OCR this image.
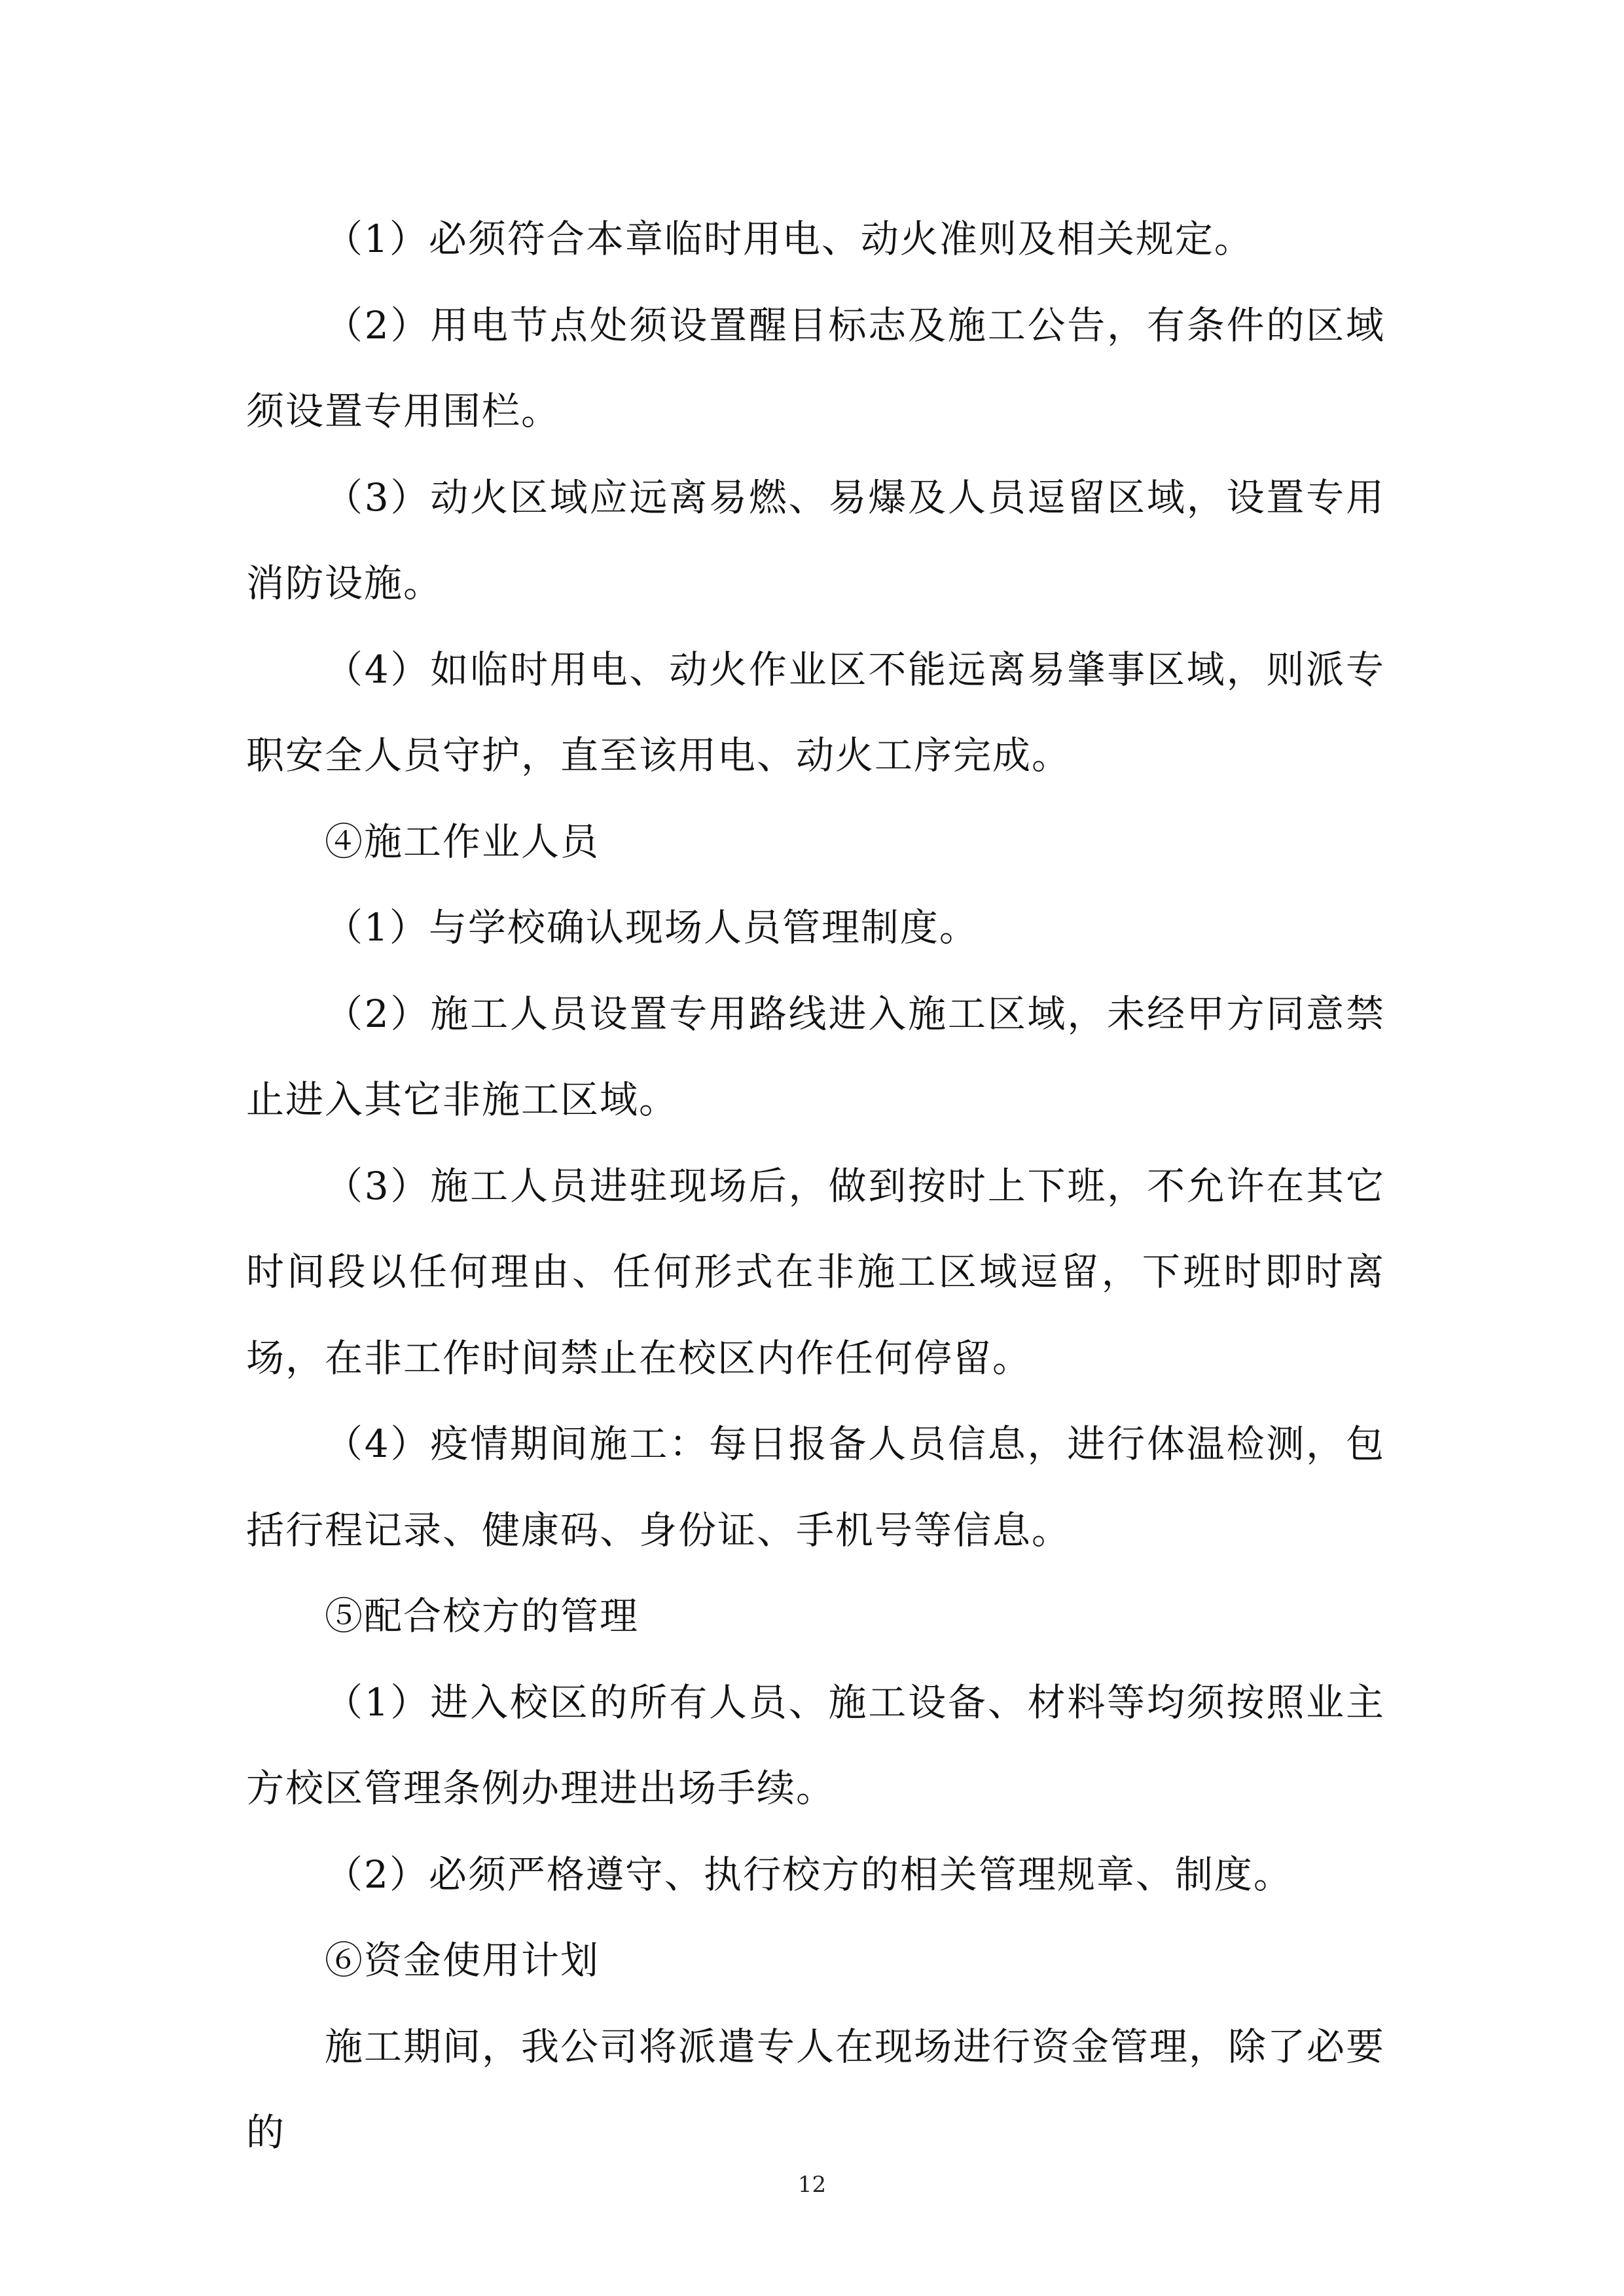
（1）必须符合本章临时用电、动火准则及相关规定。

（2）用电节点处须设置醒目标志及施工公告，有条件的区域须设置专用围栏。

（3）动火区域应远离易燃、易爆及人员逗留区域，设置专用消防设施。

（4）如临时用电、动火作业区不能远离易肇事区域，则派专职安全人员守护，直至该用电、动火工序完成。

④施工作业人员

（1）与学校确认现场人员管理制度。

（2）施工人员设置专用路线进入施工区域，未经甲方同意禁止进入其它非施工区域。

（3）施工人员进驻现场后，做到按时上下班，不允许在其它时间段以任何理由、任何形式在非施工区域逗留，下班时即时离场，在非工作时间禁止在校区内作任何停留。

（4）疫情期间施工：每日报备人员信息，进行体温检测，包括行程记录、健康码、身份证、手机号等信息。

⑤配合校方的管理

（1）进入校区的所有人员、施工设备、材料等均须按照业主方校区管理条例办理进出场手续。

（2）必须严格遵守、执行校方的相关管理规章、制度。

⑥资金使用计划

施工期间，我公司将派遣专人在现场进行资金管理，除了必要的

12
